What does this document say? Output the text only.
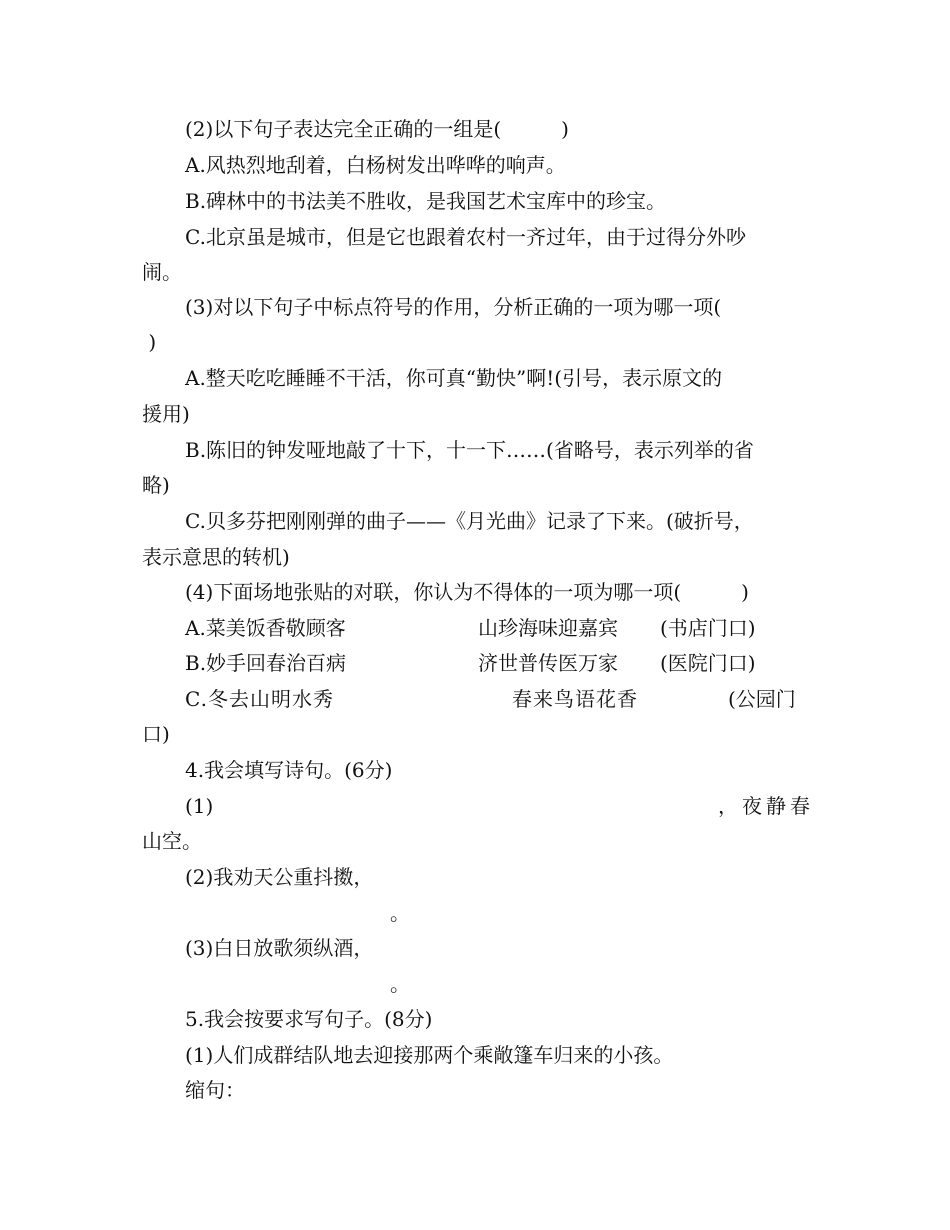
(2)以下句子表达完全正确的一组是(　　　)
A.风热烈地刮着，白杨树发出哗哗的响声。
B.碑林中的书法美不胜收，是我国艺术宝库中的珍宝。
C.北京虽是城市，但是它也跟着农村一齐过年，由于过得分外吵
闹。
(3)对以下句子中标点符号的作用，分析正确的一项为哪一项(
)
A.整天吃吃睡睡不干活，你可真“勤快”啊!(引号，表示原文的
援用)
B.陈旧的钟发哑地敲了十下，十一下……(省略号，表示列举的省
略)
C.贝多芬把刚刚弹的曲子——《月光曲》记录了下来。(破折号，
表示意思的转机)
(4)下面场地张贴的对联，你认为不得体的一项为哪一项(　　　)
A.菜美饭香敬顾客	山珍海味迎嘉宾 (书店门口)
B.妙手回春治百病	济世普传医万家 (医院门口)
C.冬去山明水秀	春来鸟语花香	(公园门
口)
4.我会填写诗句。(6分)
(1)	，夜静春
山空。
(2)我劝天公重抖擞，
。
(3)白日放歌须纵酒，
。
5.我会按要求写句子。(8分)
(1)人们成群结队地去迎接那两个乘敞篷车归来的小孩。
缩句：
